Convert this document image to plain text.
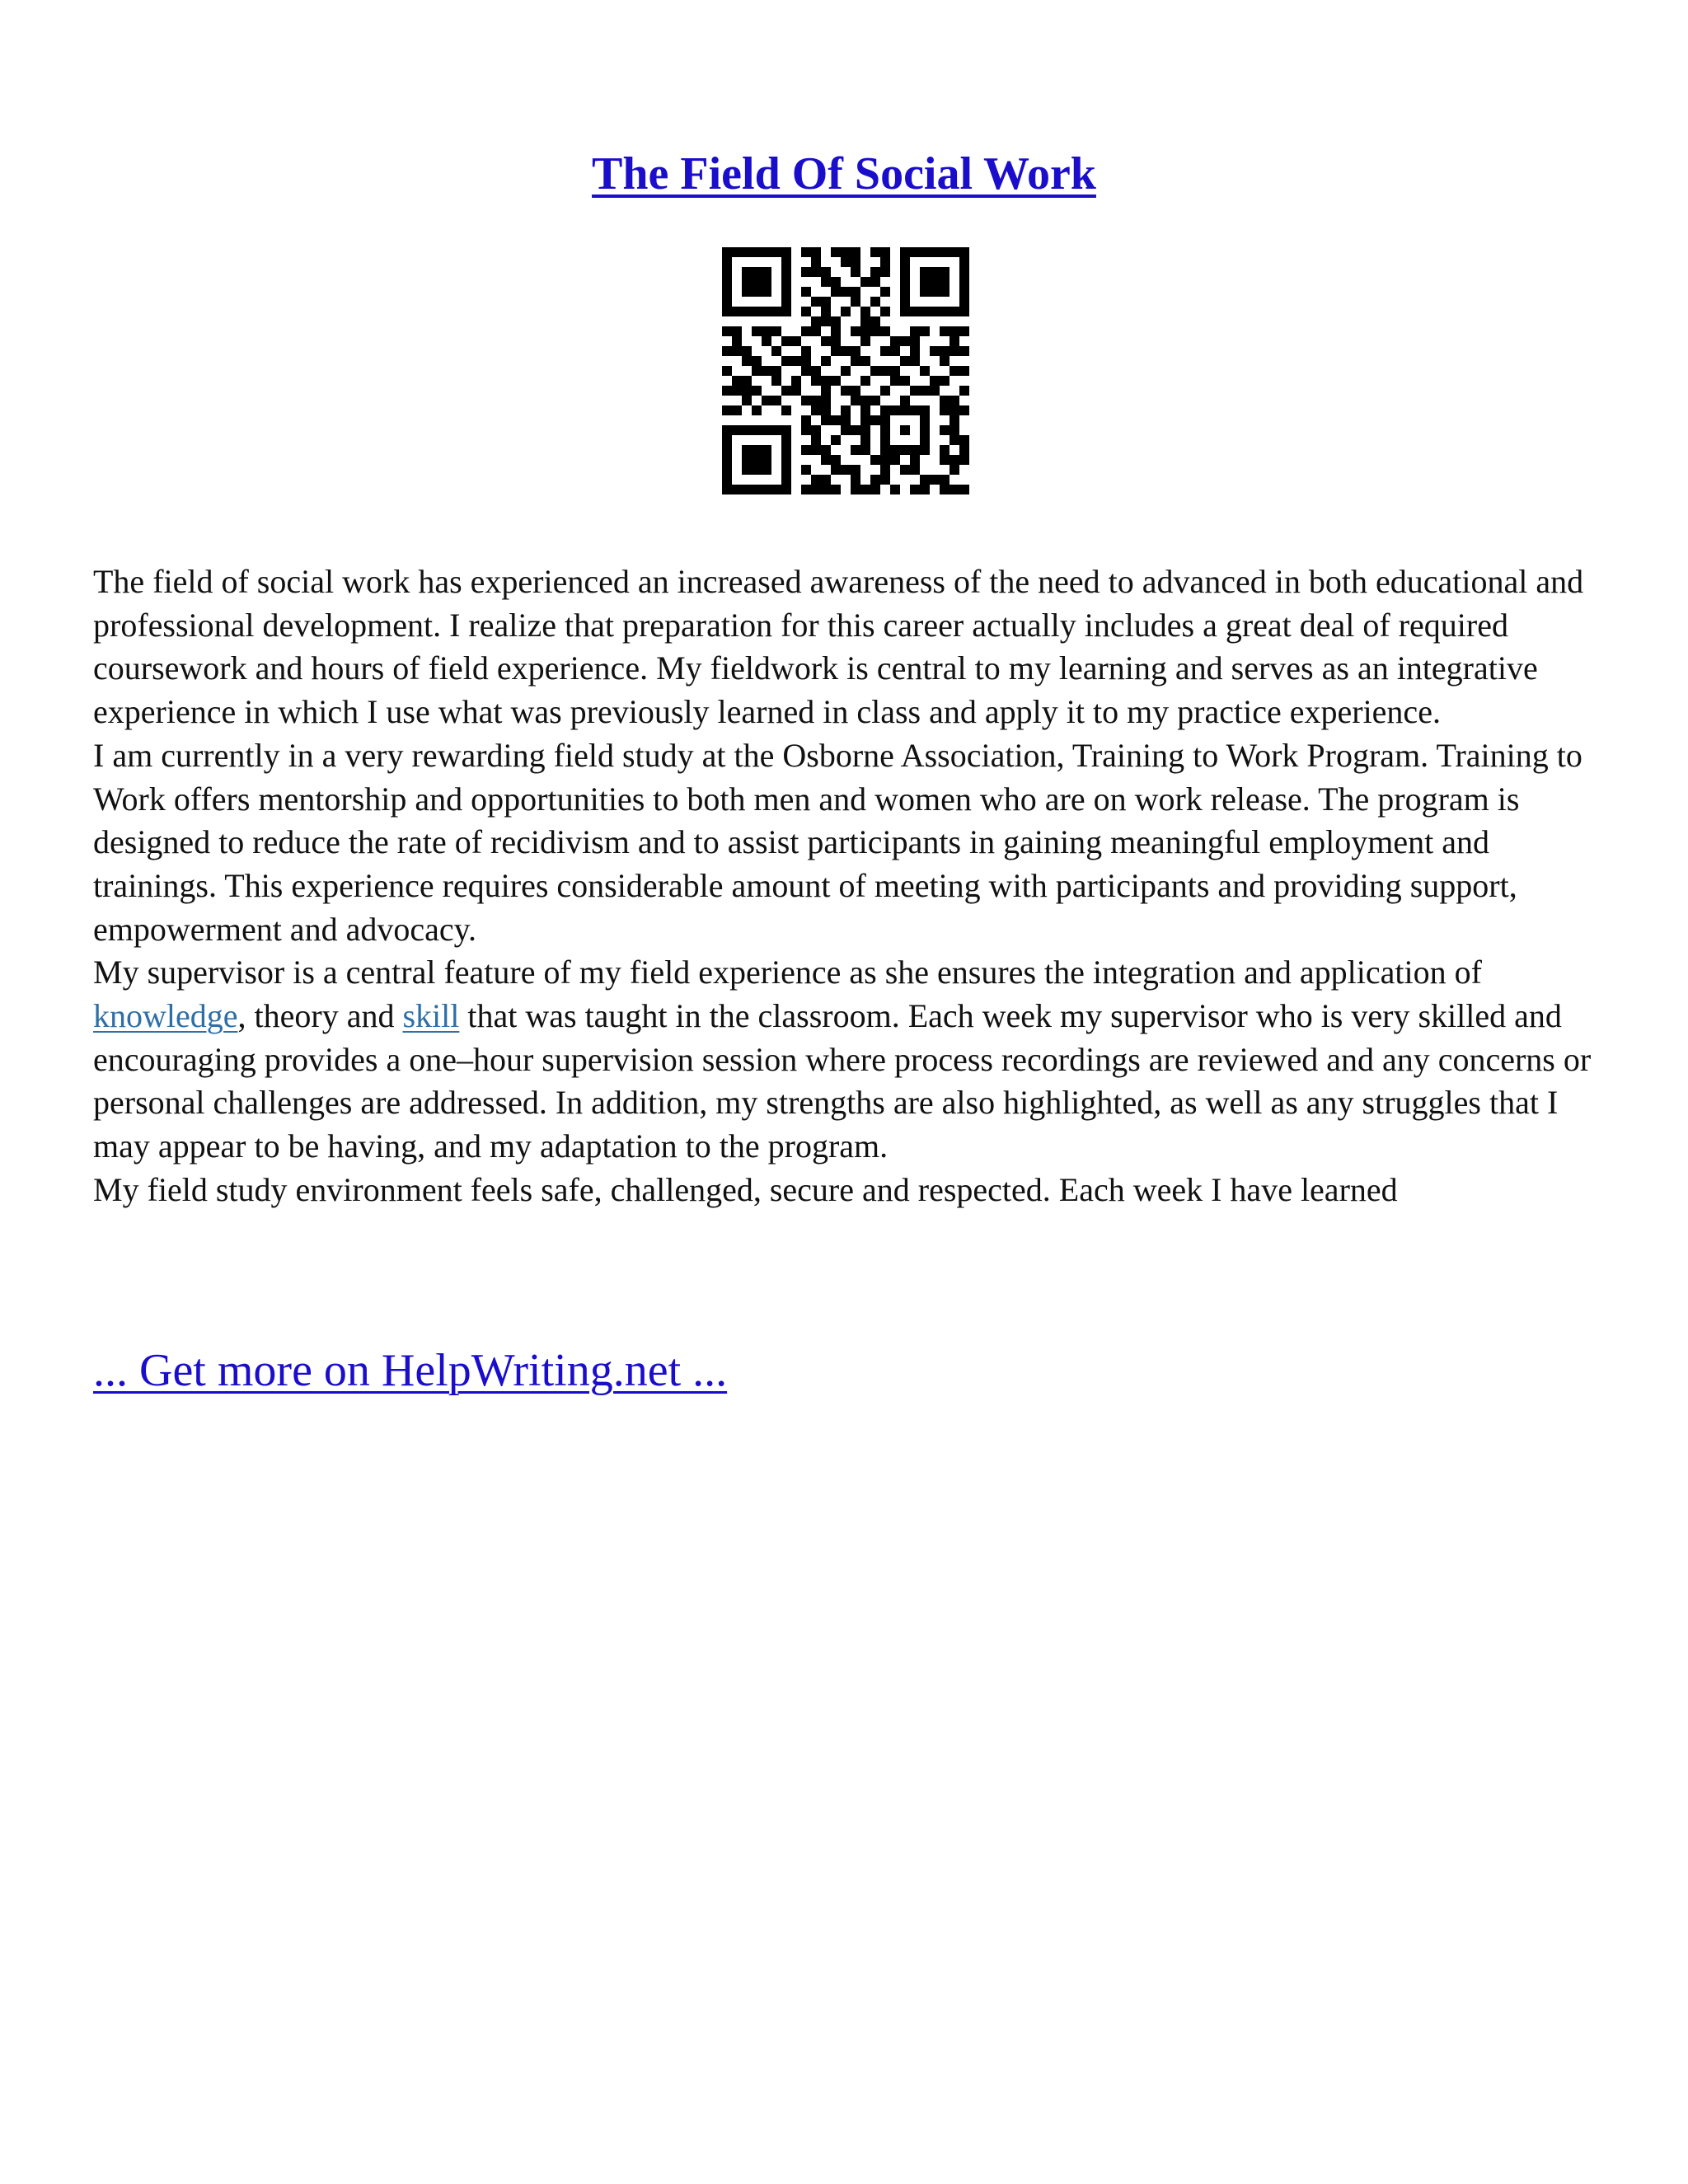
The Field Of Social Work

The field of social work has experienced an increased awareness of the need to advanced in both educational and professional development. I realize that preparation for this career actually includes a great deal of required coursework and hours of field experience. My fieldwork is central to my learning and serves as an integrative experience in which I use what was previously learned in class and apply it to my practice experience.

I am currently in a very rewarding field study at the Osborne Association, Training to Work Program. Training to Work offers mentorship and opportunities to both men and women who are on work release. The program is designed to reduce the rate of recidivism and to assist participants in gaining meaningful employment and trainings. This experience requires considerable amount of meeting with participants and providing support, empowerment and advocacy.

My supervisor is a central feature of my field experience as she ensures the integration and application of knowledge, theory and skill that was taught in the classroom. Each week my supervisor who is very skilled and encouraging provides a one–hour supervision session where process recordings are reviewed and any concerns or personal challenges are addressed. In addition, my strengths are also highlighted, as well as any struggles that I may appear to be having, and my adaptation to the program.

My field study environment feels safe, challenged, secure and respected. Each week I have learned

... Get more on HelpWriting.net ...
